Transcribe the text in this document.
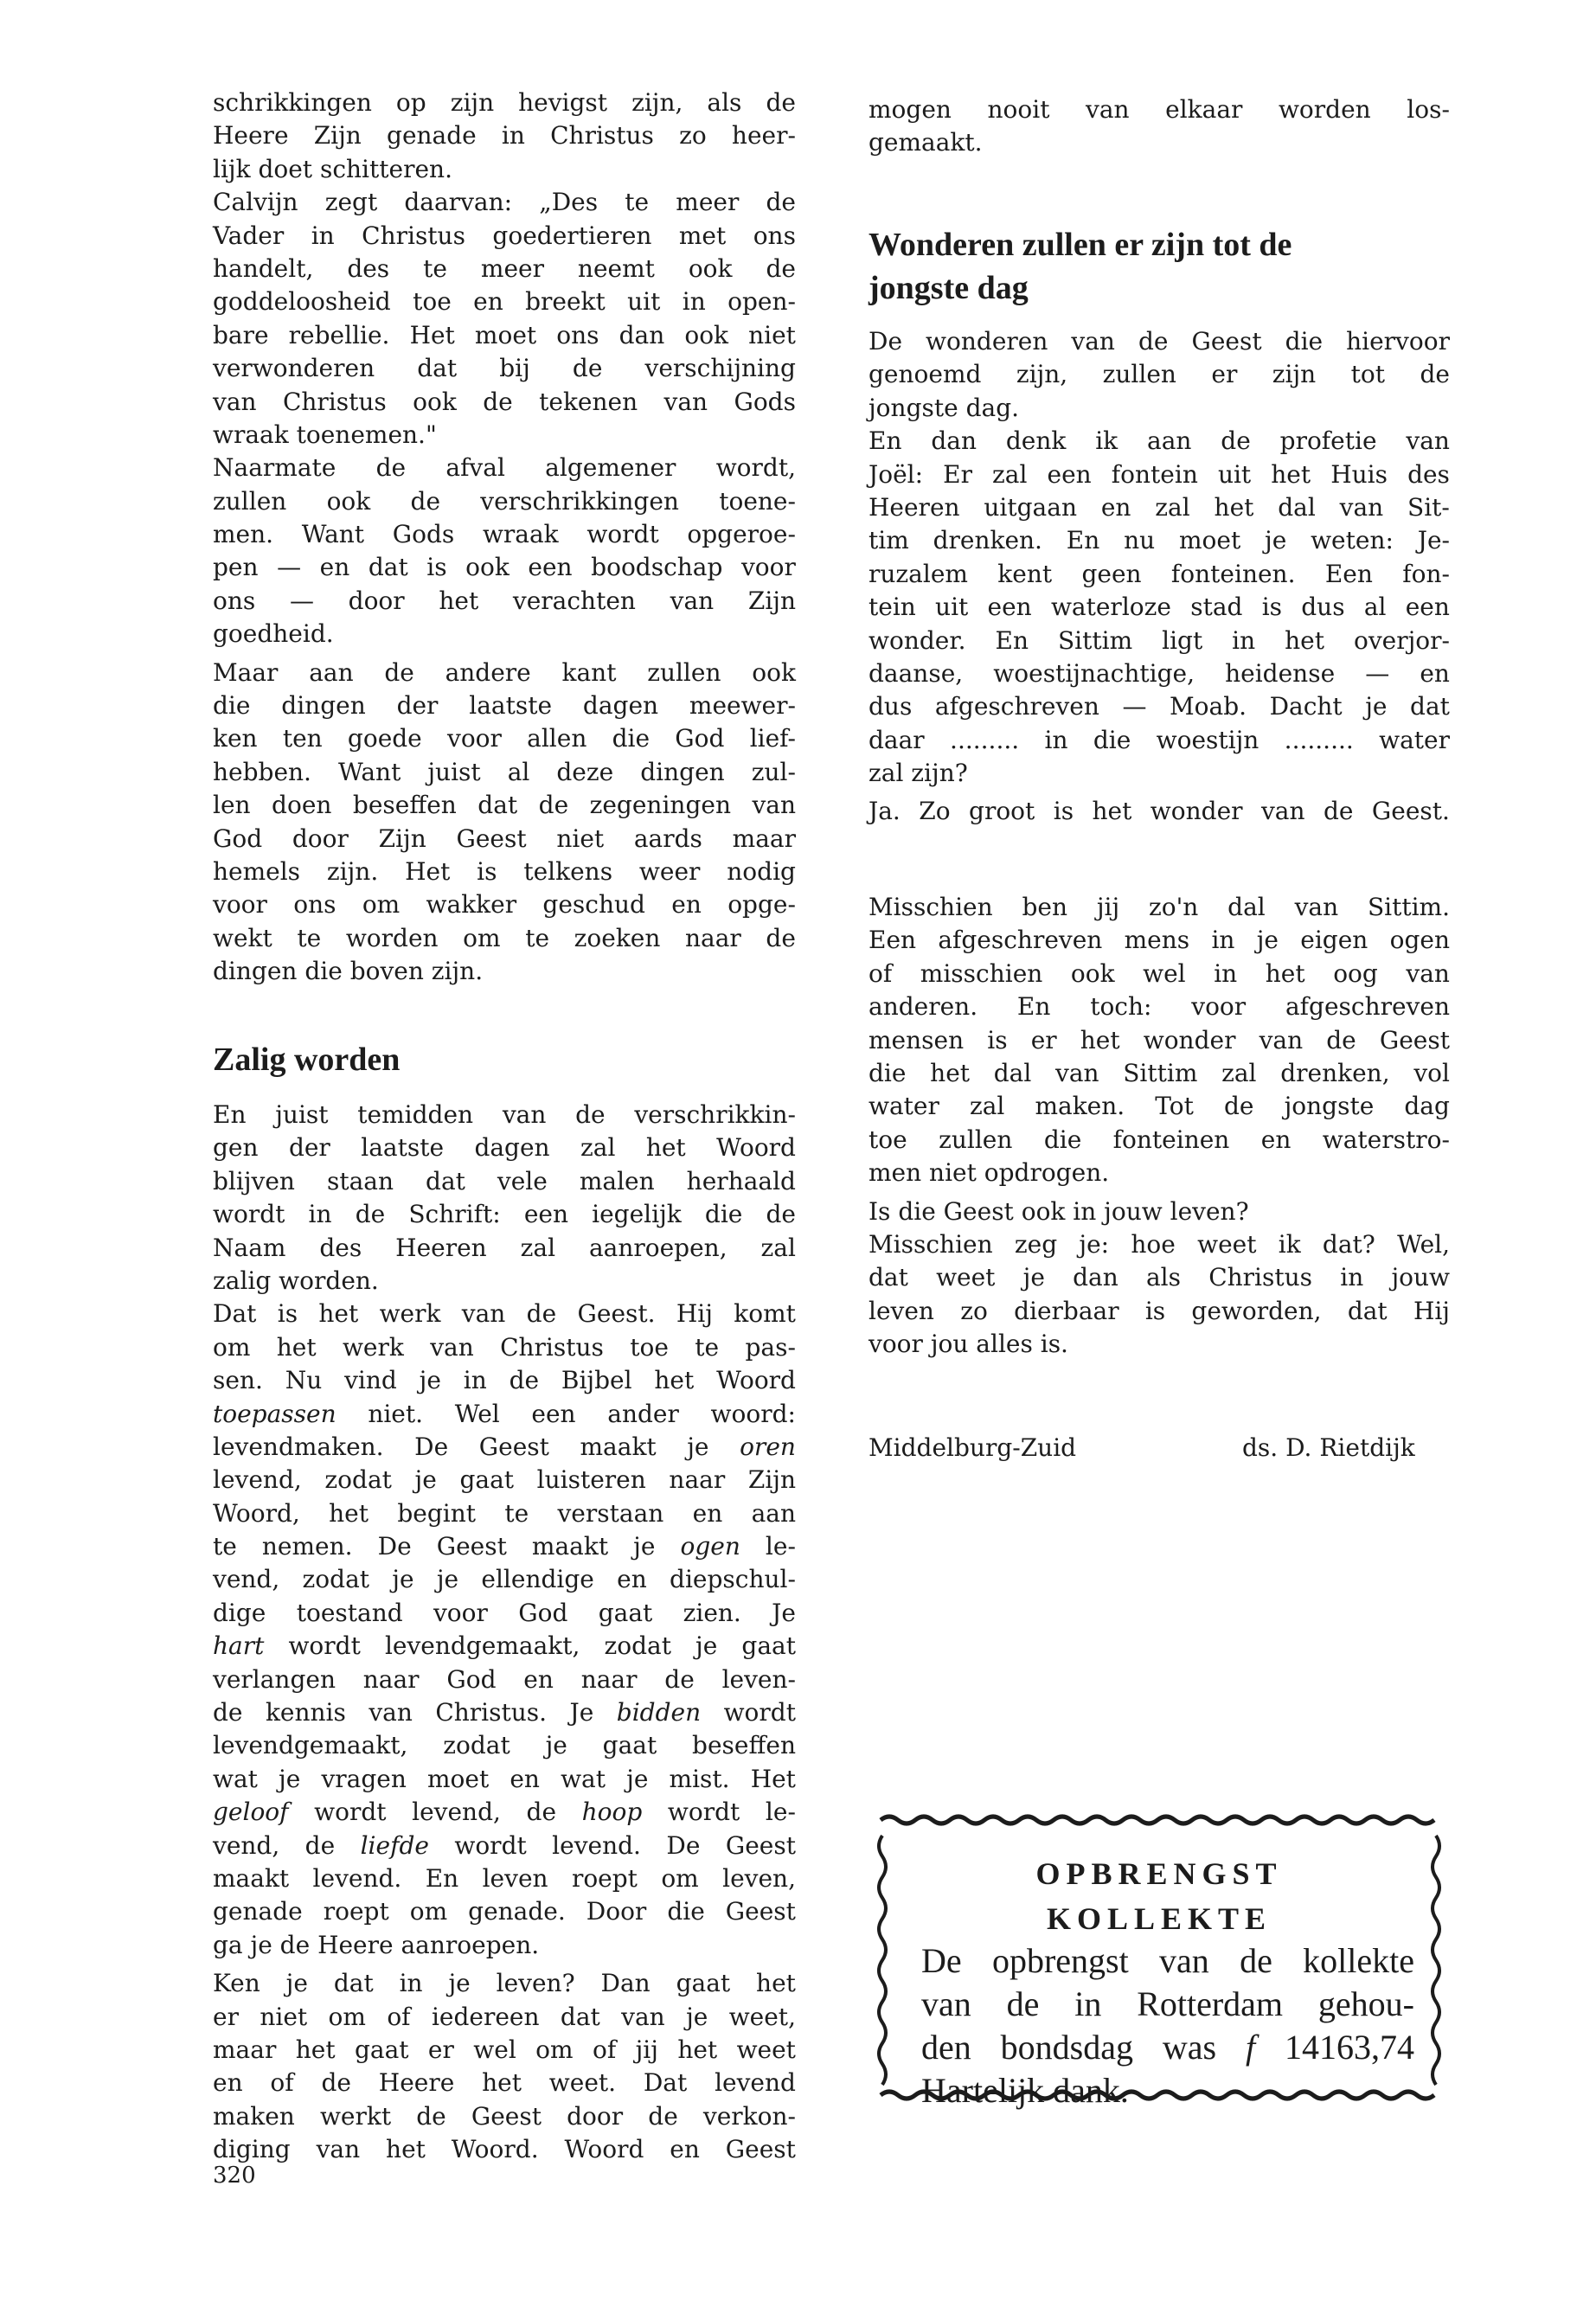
schrikkingen op zijn hevigst zijn, als de
Heere Zijn genade in Christus zo heer-
lijk doet schitteren.
Calvijn zegt daarvan: „Des te meer de
Vader in Christus goedertieren met ons
handelt, des te meer neemt ook de
goddeloosheid toe en breekt uit in open-
bare rebellie. Het moet ons dan ook niet
verwonderen dat bij de verschijning
van Christus ook de tekenen van Gods
wraak toenemen."
Naarmate de afval algemener wordt,
zullen ook de verschrikkingen toene-
men. Want Gods wraak wordt opgeroe-
pen — en dat is ook een boodschap voor
ons — door het verachten van Zijn
goedheid.
Maar aan de andere kant zullen ook
die dingen der laatste dagen meewer-
ken ten goede voor allen die God lief-
hebben. Want juist al deze dingen zul-
len doen beseffen dat de zegeningen van
God door Zijn Geest niet aards maar
hemels zijn. Het is telkens weer nodig
voor ons om wakker geschud en opge-
wekt te worden om te zoeken naar de
dingen die boven zijn.
Zalig worden
En juist temidden van de verschrikkin-
gen der laatste dagen zal het Woord
blijven staan dat vele malen herhaald
wordt in de Schrift: een iegelijk die de
Naam des Heeren zal aanroepen, zal
zalig worden.
Dat is het werk van de Geest. Hij komt
om het werk van Christus toe te pas-
sen. Nu vind je in de Bijbel het Woord
toepassen niet. Wel een ander woord:
levendmaken. De Geest maakt je oren
levend, zodat je gaat luisteren naar Zijn
Woord, het begint te verstaan en aan
te nemen. De Geest maakt je ogen le-
vend, zodat je je ellendige en diepschul-
dige toestand voor God gaat zien. Je
hart wordt levendgemaakt, zodat je gaat
verlangen naar God en naar de leven-
de kennis van Christus. Je bidden wordt
levendgemaakt, zodat je gaat beseffen
wat je vragen moet en wat je mist. Het
geloof wordt levend, de hoop wordt le-
vend, de liefde wordt levend. De Geest
maakt levend. En leven roept om leven,
genade roept om genade. Door die Geest
ga je de Heere aanroepen.
Ken je dat in je leven? Dan gaat het
er niet om of iedereen dat van je weet,
maar het gaat er wel om of jij het weet
en of de Heere het weet. Dat levend
maken werkt de Geest door de verkon-
diging van het Woord. Woord en Geest
mogen nooit van elkaar worden los-
gemaakt.
Wonderen zullen er zijn tot de
jongste dag
De wonderen van de Geest die hiervoor
genoemd zijn, zullen er zijn tot de
jongste dag.
En dan denk ik aan de profetie van
Joël: Er zal een fontein uit het Huis des
Heeren uitgaan en zal het dal van Sit-
tim drenken. En nu moet je weten: Je-
ruzalem kent geen fonteinen. Een fon-
tein uit een waterloze stad is dus al een
wonder. En Sittim ligt in het overjor-
daanse, woestijnachtige, heidense — en
dus afgeschreven — Moab. Dacht je dat
daar ......... in die woestijn ......... water
zal zijn?
Ja. Zo groot is het wonder van de Geest.
Misschien ben jij zo'n dal van Sittim.
Een afgeschreven mens in je eigen ogen
of misschien ook wel in het oog van
anderen. En toch: voor afgeschreven
mensen is er het wonder van de Geest
die het dal van Sittim zal drenken, vol
water zal maken. Tot de jongste dag
toe zullen die fonteinen en waterstro-
men niet opdrogen.
Is die Geest ook in jouw leven?
Misschien zeg je: hoe weet ik dat? Wel,
dat weet je dan als Christus in jouw
leven zo dierbaar is geworden, dat Hij
voor jou alles is.
Middelburg-Zuid	ds. D. Rietdijk
OPBRENGST
KOLLEKTE
De opbrengst van de kollekte
van de in Rotterdam gehou-
den bondsdag was f 14163,74
Hartelijk dank.
320
